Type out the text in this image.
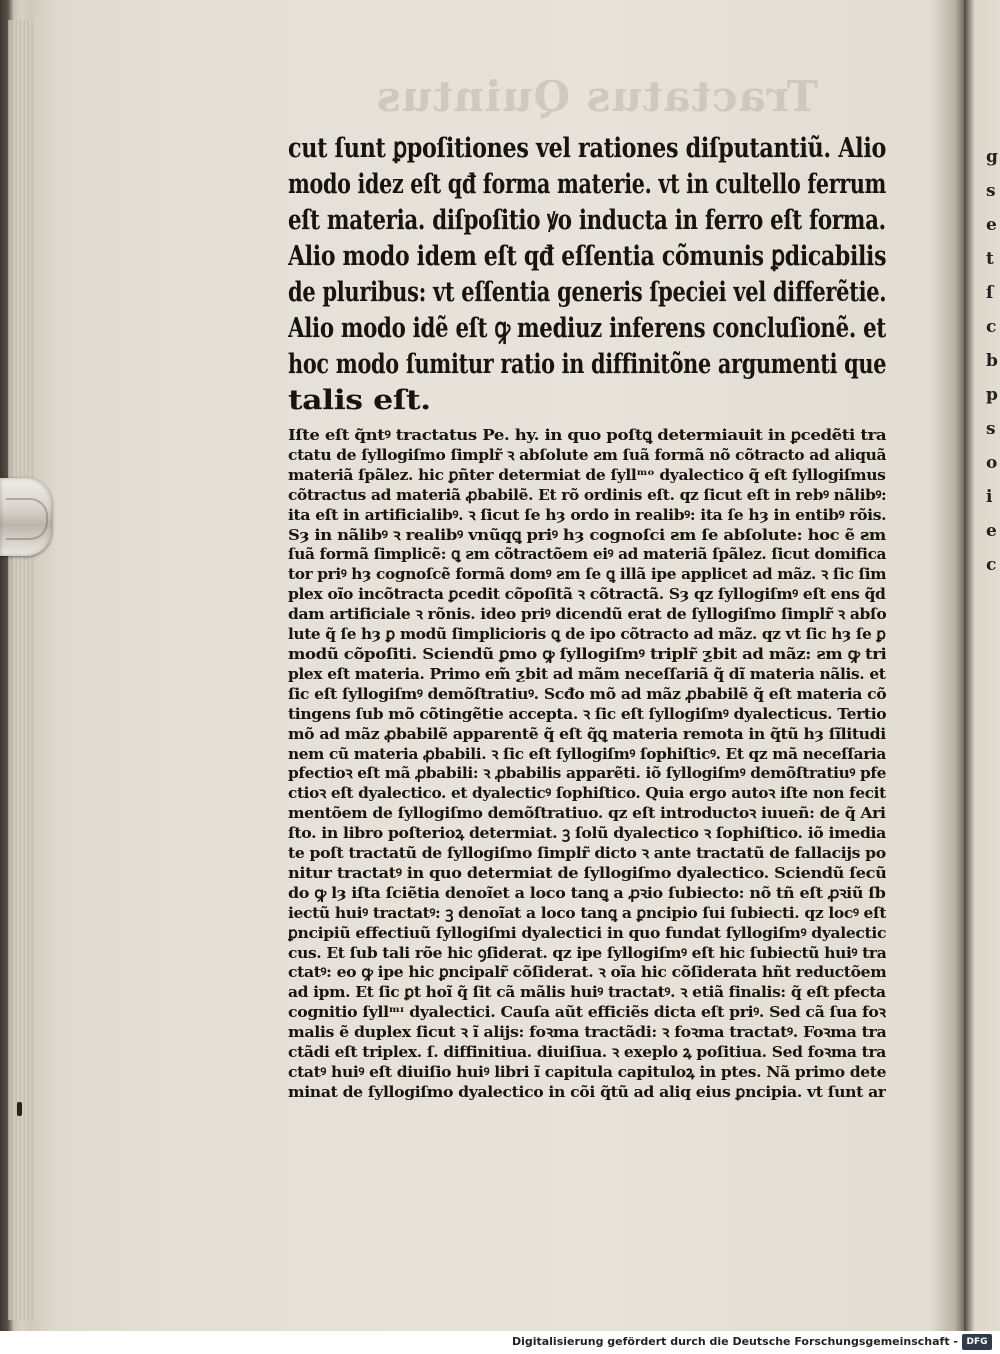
g
s
e
t
ſ
c
b
p
s
o
i
e
c
Tractatus Quintus
cut ſunt ꝑpoſitiones vel rationes diſputantiũ. Alio
modo idez eſt qđ forma materie. vt in cultello ferrum
eſt materia. diſpoſitio ꝟo inducta in ferro eſt forma.
Alio modo idem eſt qđ eſſentia cõmunis ꝑdicabilis
de pluribus: vt eſſentia generis ſpeciei vel differẽtie.
Alio modo idẽ eſt ꝙ mediuz inferens concluſionẽ. et
hoc modo ſumitur ratio in diffinitõne argumenti que
talis eſt.
Iſte eſt q̃ntꝰ tractatus Pe. hy. in quo poſtꝗ determiauit in ꝑcedẽti tra
ctatu de ſyllogiſmo ſimplr̃ ꝛ abſolute ƨm ſuã formã nõ cõtracto ad aliquã
materiã ſpãlez. hic ꝑñter determiat de ſyllᵐᵒ dyalectico q̃ eſt ſyllogiſmus
cõtractus ad materiã ꝓbabilẽ. Et rõ ordinis eſt. qz ſicut eſt in rebꝰ nãlibꝰ:
ita eſt in artificialibꝰ. ꝛ ſicut ſe hȝ ordo in realibꝰ: ita ſe hȝ in entibꝰ rõis.
Sȝ in nãlibꝰ ꝛ realibꝰ vnũqꝗ priꝰ hȝ cognoſci ƨm ſe abſolute: hoc ẽ ƨm
ſuã formã ſimplicẽ: ꝗ ƨm cõtractõem eiꝰ ad materiã ſpãlez. ſicut domifica
tor priꝰ hȝ cognoſcẽ formã domꝰ ƨm ſe ꝗ illã ipe applicet ad mãz. ꝛ ſic ſim
plex oĩo incõtracta ꝑcedit cõpoſitã ꝛ cõtractã. Sȝ qz ſyllogiſmꝰ eſt ens q̃d
dam artificiale ꝛ rõnis. ideo priꝰ dicendũ erat de ſyllogiſmo ſimplr̃ ꝛ abſo
lute q̃ ſe hȝ ꝑ modũ ſimplicioris ꝗ de ipo cõtracto ad mãz. qz vt ſic hȝ ſe ꝑ
modũ cõpoſiti. Sciendũ ꝑmo ꝙ ſyllogiſmꝰ triplr̃ ƺbit ad mãz: ƨm ꝙ tri
plex eſt materia. Primo em̃ ƺbit ad mãm neceſſariã q̃ dĩ materia nãlis. et
ſic eſt ſyllogiſmꝰ demõſtratiuꝰ. Scđo mõ ad mãz ꝓbabilẽ q̃ eſt materia cõ
tingens ſub mõ cõtingẽtie accepta. ꝛ ſic eſt ſyllogiſmꝰ dyalecticus. Tertio
mõ ad mãz ꝓbabilẽ apparentẽ q̃ eſt q̃ꝗ materia remota in q̃tũ hȝ ſĩlitudi
nem cũ materia ꝓbabili. ꝛ ſic eſt ſyllogiſmꝰ ſophiſticꝰ. Et qz mã neceſſaria
pfectioꝛ eſt mã ꝓbabili: ꝛ ꝓbabilis apparẽti. iõ ſyllogiſmꝰ demõſtratiuꝰ pfe
ctioꝛ eſt dyalectico. et dyalecticꝰ ſophiſtico. Quia ergo autoꝛ iſte non fecit
mentõem de ſyllogiſmo demõſtratiuo. qz eſt introductoꝛ iuueñ: de q̃ Ari
ſto. in libro poſterioꝝ determiat. ꝫ ſolũ dyalectico ꝛ ſophiſtico. iõ imedia
te poſt tractatũ de ſyllogiſmo ſimplr̃ dicto ꝛ ante tractatũ de fallacijs po
nitur tractatꝰ in quo determiat de ſyllogiſmo dyalectico. Sciendũ ſecũ
do ꝙ lȝ iſta ſciẽtia denoĩet a loco tanꝗ a ꝓꝛio ſubiecto: nõ tñ eſt ꝓꝛiũ ſb
iectũ huiꝰ tractatꝰ: ꝫ denoĩat a loco tanꝗ a ꝑncipio ſui ſubiecti. qz locꝰ eſt
ꝑncipiũ effectiuũ ſyllogiſmi dyalectici in quo fundat ſyllogiſmꝰ dyalectic
cus. Et ſub tali rõe hic ꝯſiderat. qz ipe ſyllogiſmꝰ eſt hic ſubiectũ huiꝰ tra
ctatꝰ: eo ꝙ ipe hic ꝑncipalr̃ cõſiderat. ꝛ oĩa hic cõſiderata hñt reductõem
ad ipm. Et ſic ꝑt hoĩ q̃ ſit cã mãlis huiꝰ tractatꝰ. ꝛ etiã finalis: q̃ eſt pfecta
cognitio ſyllᵐᶦ dyalectici. Cauſa aũt efficiẽs dicta eſt priꝰ. Sed cã ſua foꝛ
malis ẽ duplex ſicut ꝛ ĩ alijs: foꝛma tractãdi: ꝛ foꝛma tractatꝰ. Foꝛma tra
ctãdi eſt triplex. ſ. diffinitiua. diuiſiua. ꝛ exeplo ꝝ poſitiua. Sed foꝛma tra
ctatꝰ huiꝰ eſt diuiſio huiꝰ libri ĩ capitula capituloꝝ in ptes. Nã primo dete
minat de ſyllogiſmo dyalectico in cõi q̃tũ ad aliq eius ꝑncipia. vt ſunt ar
Digitalisierung gefördert durch die Deutsche Forschungsgemeinschaft - DFG
